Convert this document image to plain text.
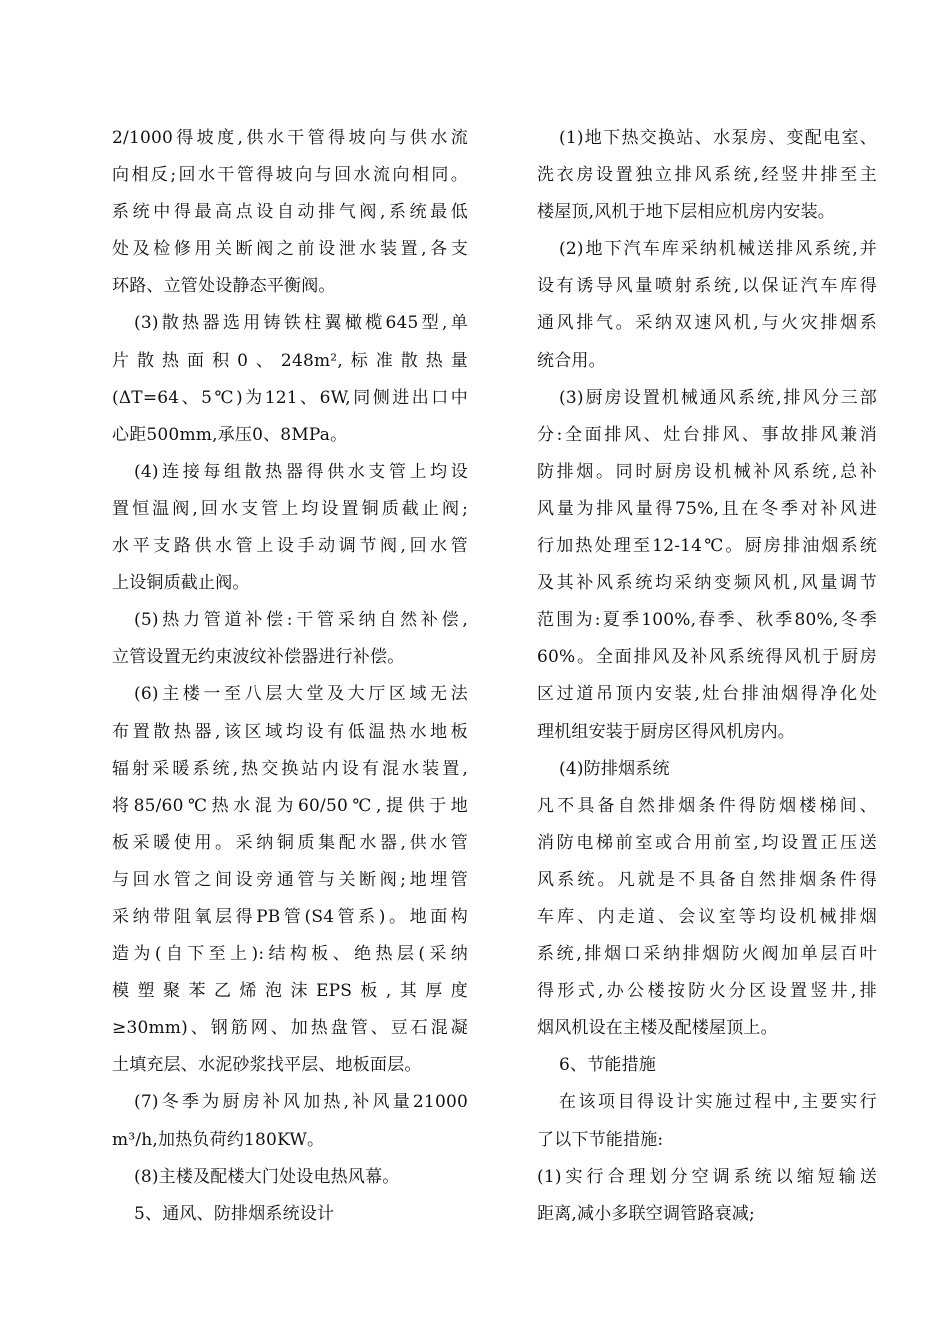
2/1000得坡度,供水干管得坡向与供水流
向相反;回水干管得坡向与回水流向相同。
系统中得最高点设自动排气阀,系统最低
处及检修用关断阀之前设泄水装置,各支
环路、立管处设静态平衡阀。
(3)散热器选用铸铁柱翼橄榄645型,单
片散热面积0、248m²,标准散热量
(ΔT=64、5℃)为121、6W,同侧进出口中
心距500mm,承压0、8MPa。
(4)连接每组散热器得供水支管上均设
置恒温阀,回水支管上均设置铜质截止阀;
水平支路供水管上设手动调节阀,回水管
上设铜质截止阀。
(5)热力管道补偿:干管采纳自然补偿,
立管设置无约束波纹补偿器进行补偿。
(6)主楼一至八层大堂及大厅区域无法
布置散热器,该区域均设有低温热水地板
辐射采暖系统,热交换站内设有混水装置,
将85/60℃热水混为60/50℃,提供于地
板采暖使用。采纳铜质集配水器,供水管
与回水管之间设旁通管与关断阀;地埋管
采纳带阻氧层得PB管(S4管系)。地面构
造为(自下至上):结构板、绝热层(采纳
模塑聚苯乙烯泡沫EPS板,其厚度
≥30mm)、钢筋网、加热盘管、豆石混凝
土填充层、水泥砂浆找平层、地板面层。
(7)冬季为厨房补风加热,补风量21000
m³/h,加热负荷约180KW。
(8)主楼及配楼大门处设电热风幕。
5、通风、防排烟系统设计
(1)地下热交换站、水泵房、变配电室、
洗衣房设置独立排风系统,经竖井排至主
楼屋顶,风机于地下层相应机房内安装。
(2)地下汽车库采纳机械送排风系统,并
设有诱导风量喷射系统,以保证汽车库得
通风排气。采纳双速风机,与火灾排烟系
统合用。
(3)厨房设置机械通风系统,排风分三部
分:全面排风、灶台排风、事故排风兼消
防排烟。同时厨房设机械补风系统,总补
风量为排风量得75%,且在冬季对补风进
行加热处理至12-14℃。厨房排油烟系统
及其补风系统均采纳变频风机,风量调节
范围为:夏季100%,春季、秋季80%,冬季
60%。全面排风及补风系统得风机于厨房
区过道吊顶内安装,灶台排油烟得净化处
理机组安装于厨房区得风机房内。
(4)防排烟系统
凡不具备自然排烟条件得防烟楼梯间、
消防电梯前室或合用前室,均设置正压送
风系统。凡就是不具备自然排烟条件得
车库、内走道、会议室等均设机械排烟
系统,排烟口采纳排烟防火阀加单层百叶
得形式,办公楼按防火分区设置竖井,排
烟风机设在主楼及配楼屋顶上。
6、节能措施
在该项目得设计实施过程中,主要实行
了以下节能措施:
(1)实行合理划分空调系统以缩短输送
距离,减小多联空调管路衰减;
